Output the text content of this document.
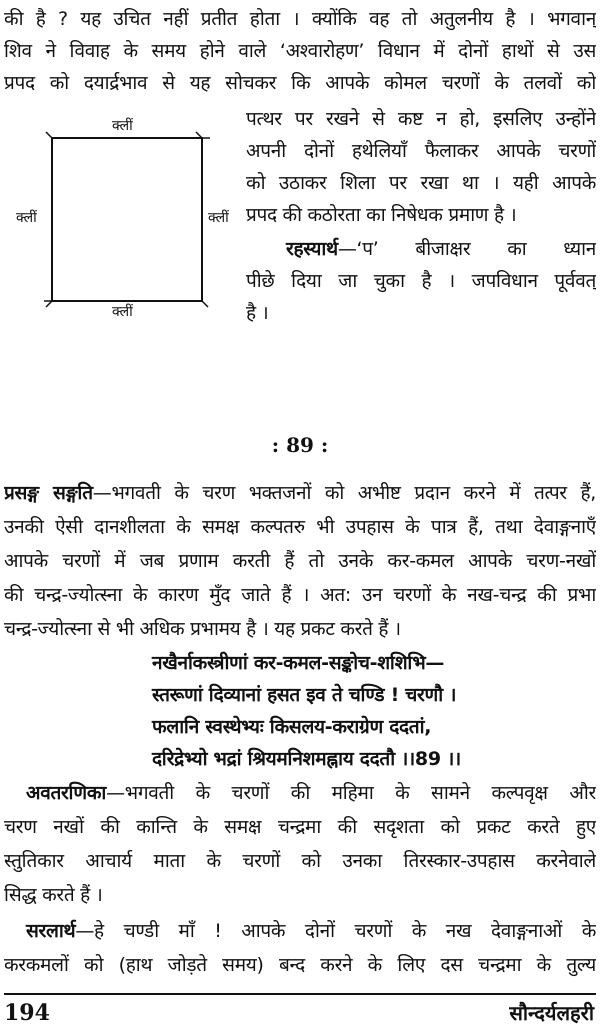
की है ? यह उचित नहीं प्रतीत होता । क्योंकि वह तो अतुलनीय है । भगवान्
शिव ने विवाह के समय होने वाले ‘अश्वारोहण’ विधान में दोनों हाथों से उस
प्रपद को दयार्द्रभाव से यह सोचकर कि आपके कोमल चरणों के तलवों को
क्लीं
क्लीं	क्लीं
क्लीं
पत्थर पर रखने से कष्ट न हो, इसलिए उन्होंने
अपनी दोनों हथेलियाँ फैलाकर आपके चरणों
को उठाकर शिला पर रखा था । यही आपके
प्रपद की कठोरता का निषेधक प्रमाण है ।
रहस्यार्थ—‘प’ बीजाक्षर का ध्यान
पीछे दिया जा चुका है । जपविधान पूर्ववत्
है ।
: 89 :
प्रसङ्ग सङ्गति—भगवती के चरण भक्तजनों को अभीष्ट प्रदान करने में तत्पर हैं,
उनकी ऐसी दानशीलता के समक्ष कल्पतरु भी उपहास के पात्र हैं, तथा देवाङ्गनाएँ
आपके चरणों में जब प्रणाम करती हैं तो उनके कर-कमल आपके चरण-नखों
की चन्द्र-ज्योत्स्ना के कारण मुँद जाते हैं । अत: उन चरणों के नख-चन्द्र की प्रभा
चन्द्र-ज्योत्स्ना से भी अधिक प्रभामय है । यह प्रकट करते हैं ।
नखैर्नाकस्त्रीणां कर-कमल-सङ्कोच-शशिभि—
स्तरूणां दिव्यानां हसत इव ते चण्डि ! चरणौ ।
फलानि स्वस्थेभ्यः किसलय-कराग्रेण ददतां,
दरिद्रेभ्यो भद्रां श्रियमनिशमह्नाय ददतौ ।।89 ।।
अवतरणिका—भगवती के चरणों की महिमा के सामने कल्पवृक्ष और
चरण नखों की कान्ति के समक्ष चन्द्रमा की सदृशता को प्रकट करते हुए
स्तुतिकार आचार्य माता के चरणों को उनका तिरस्कार-उपहास करनेवाले
सिद्ध करते हैं ।
सरलार्थ—हे चण्डी माँ ! आपके दोनों चरणों के नख देवाङ्गनाओं के
करकमलों को (हाथ जोड़ते समय) बन्द करने के लिए दस चन्द्रमा के तुल्य
194	सौन्दर्यलहरी
